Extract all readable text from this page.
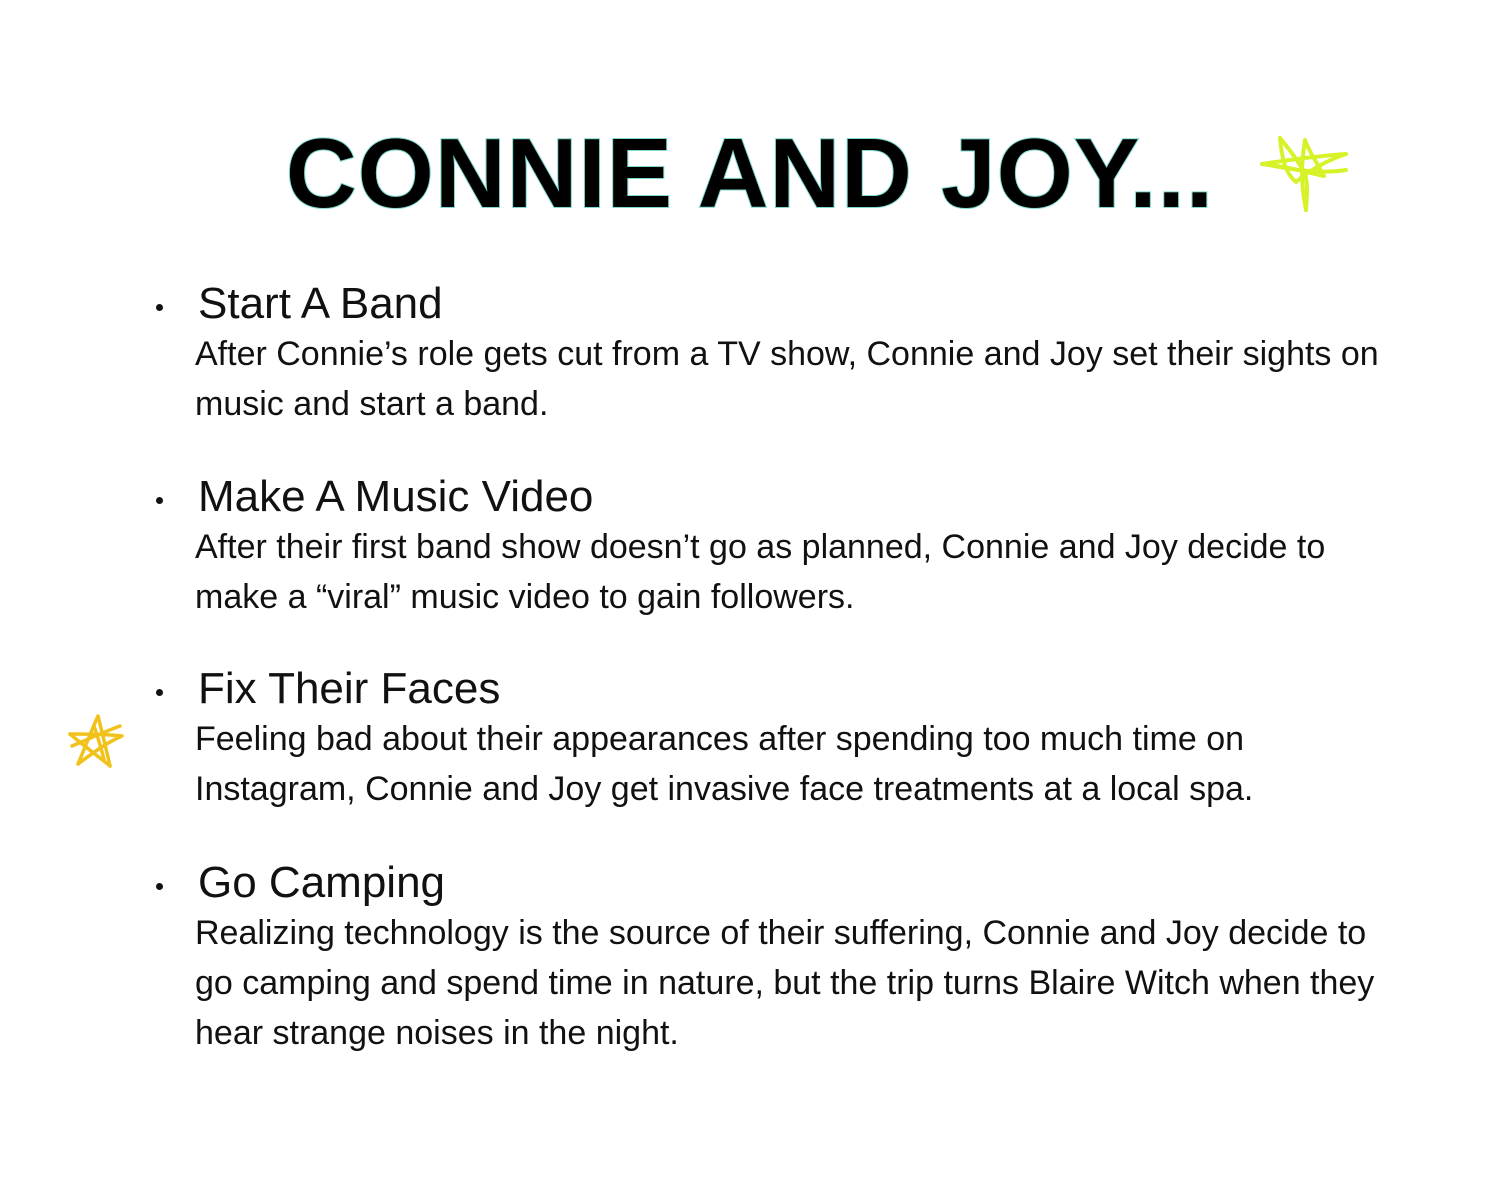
CONNIE AND JOY...
Start A Band

After Connie’s role gets cut from a TV show, Connie and Joy set their sights on music and start a band.

Make A Music Video

After their first band show doesn’t go as planned, Connie and Joy decide to make a “viral” music video to gain followers.

Fix Their Faces

Feeling bad about their appearances after spending too much time on Instagram, Connie and Joy get invasive face treatments at a local spa.

Go Camping

Realizing technology is the source of their suffering, Connie and Joy decide to go camping and spend time in nature, but the trip turns Blaire Witch when they hear strange noises in the night.
